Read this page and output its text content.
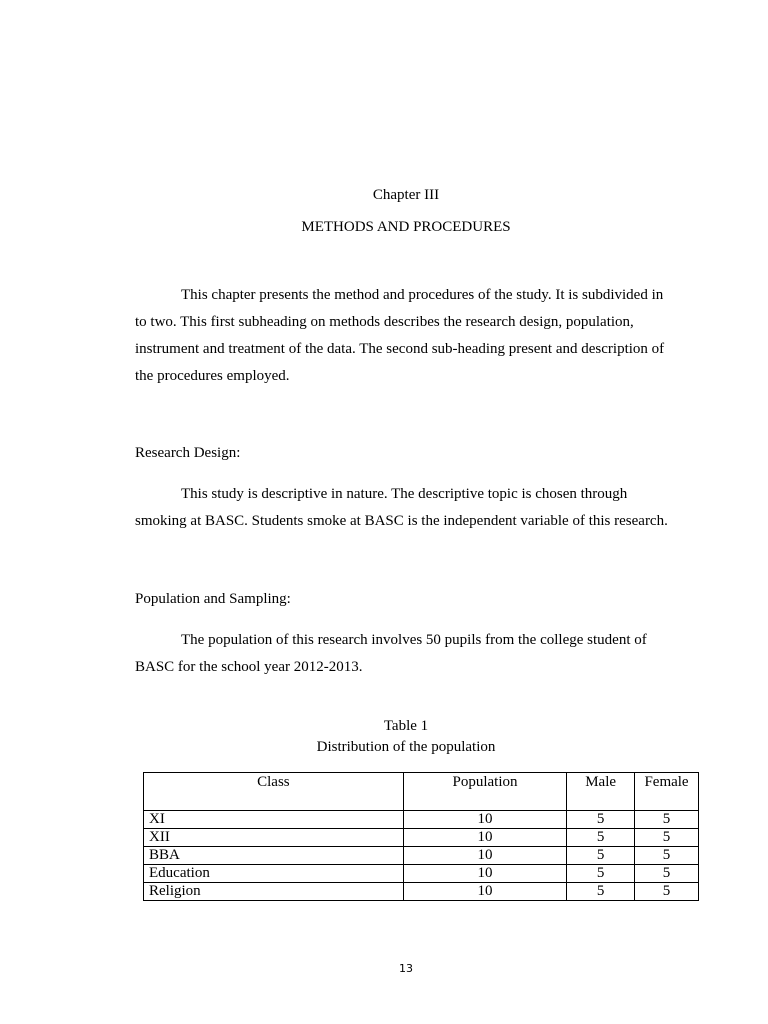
Chapter III
METHODS AND PROCEDURES
This chapter presents the method and procedures of the study. It is subdivided in
to two. This first subheading on methods describes the research design, population,
instrument and treatment of the data. The second sub-heading present and description of
the procedures employed.
Research Design:
This study is descriptive in nature. The descriptive topic is chosen through
smoking at BASC. Students smoke at BASC is the independent variable of this research.
Population and Sampling:
The population of this research involves 50 pupils from the college student of
BASC for the school year 2012-2013.
Table 1
Distribution of the population
Class	Population	Male	Female
XI	10	5	5
XII	10	5	5
BBA	10	5	5
Education	10	5	5
Religion	10	5	5
13
